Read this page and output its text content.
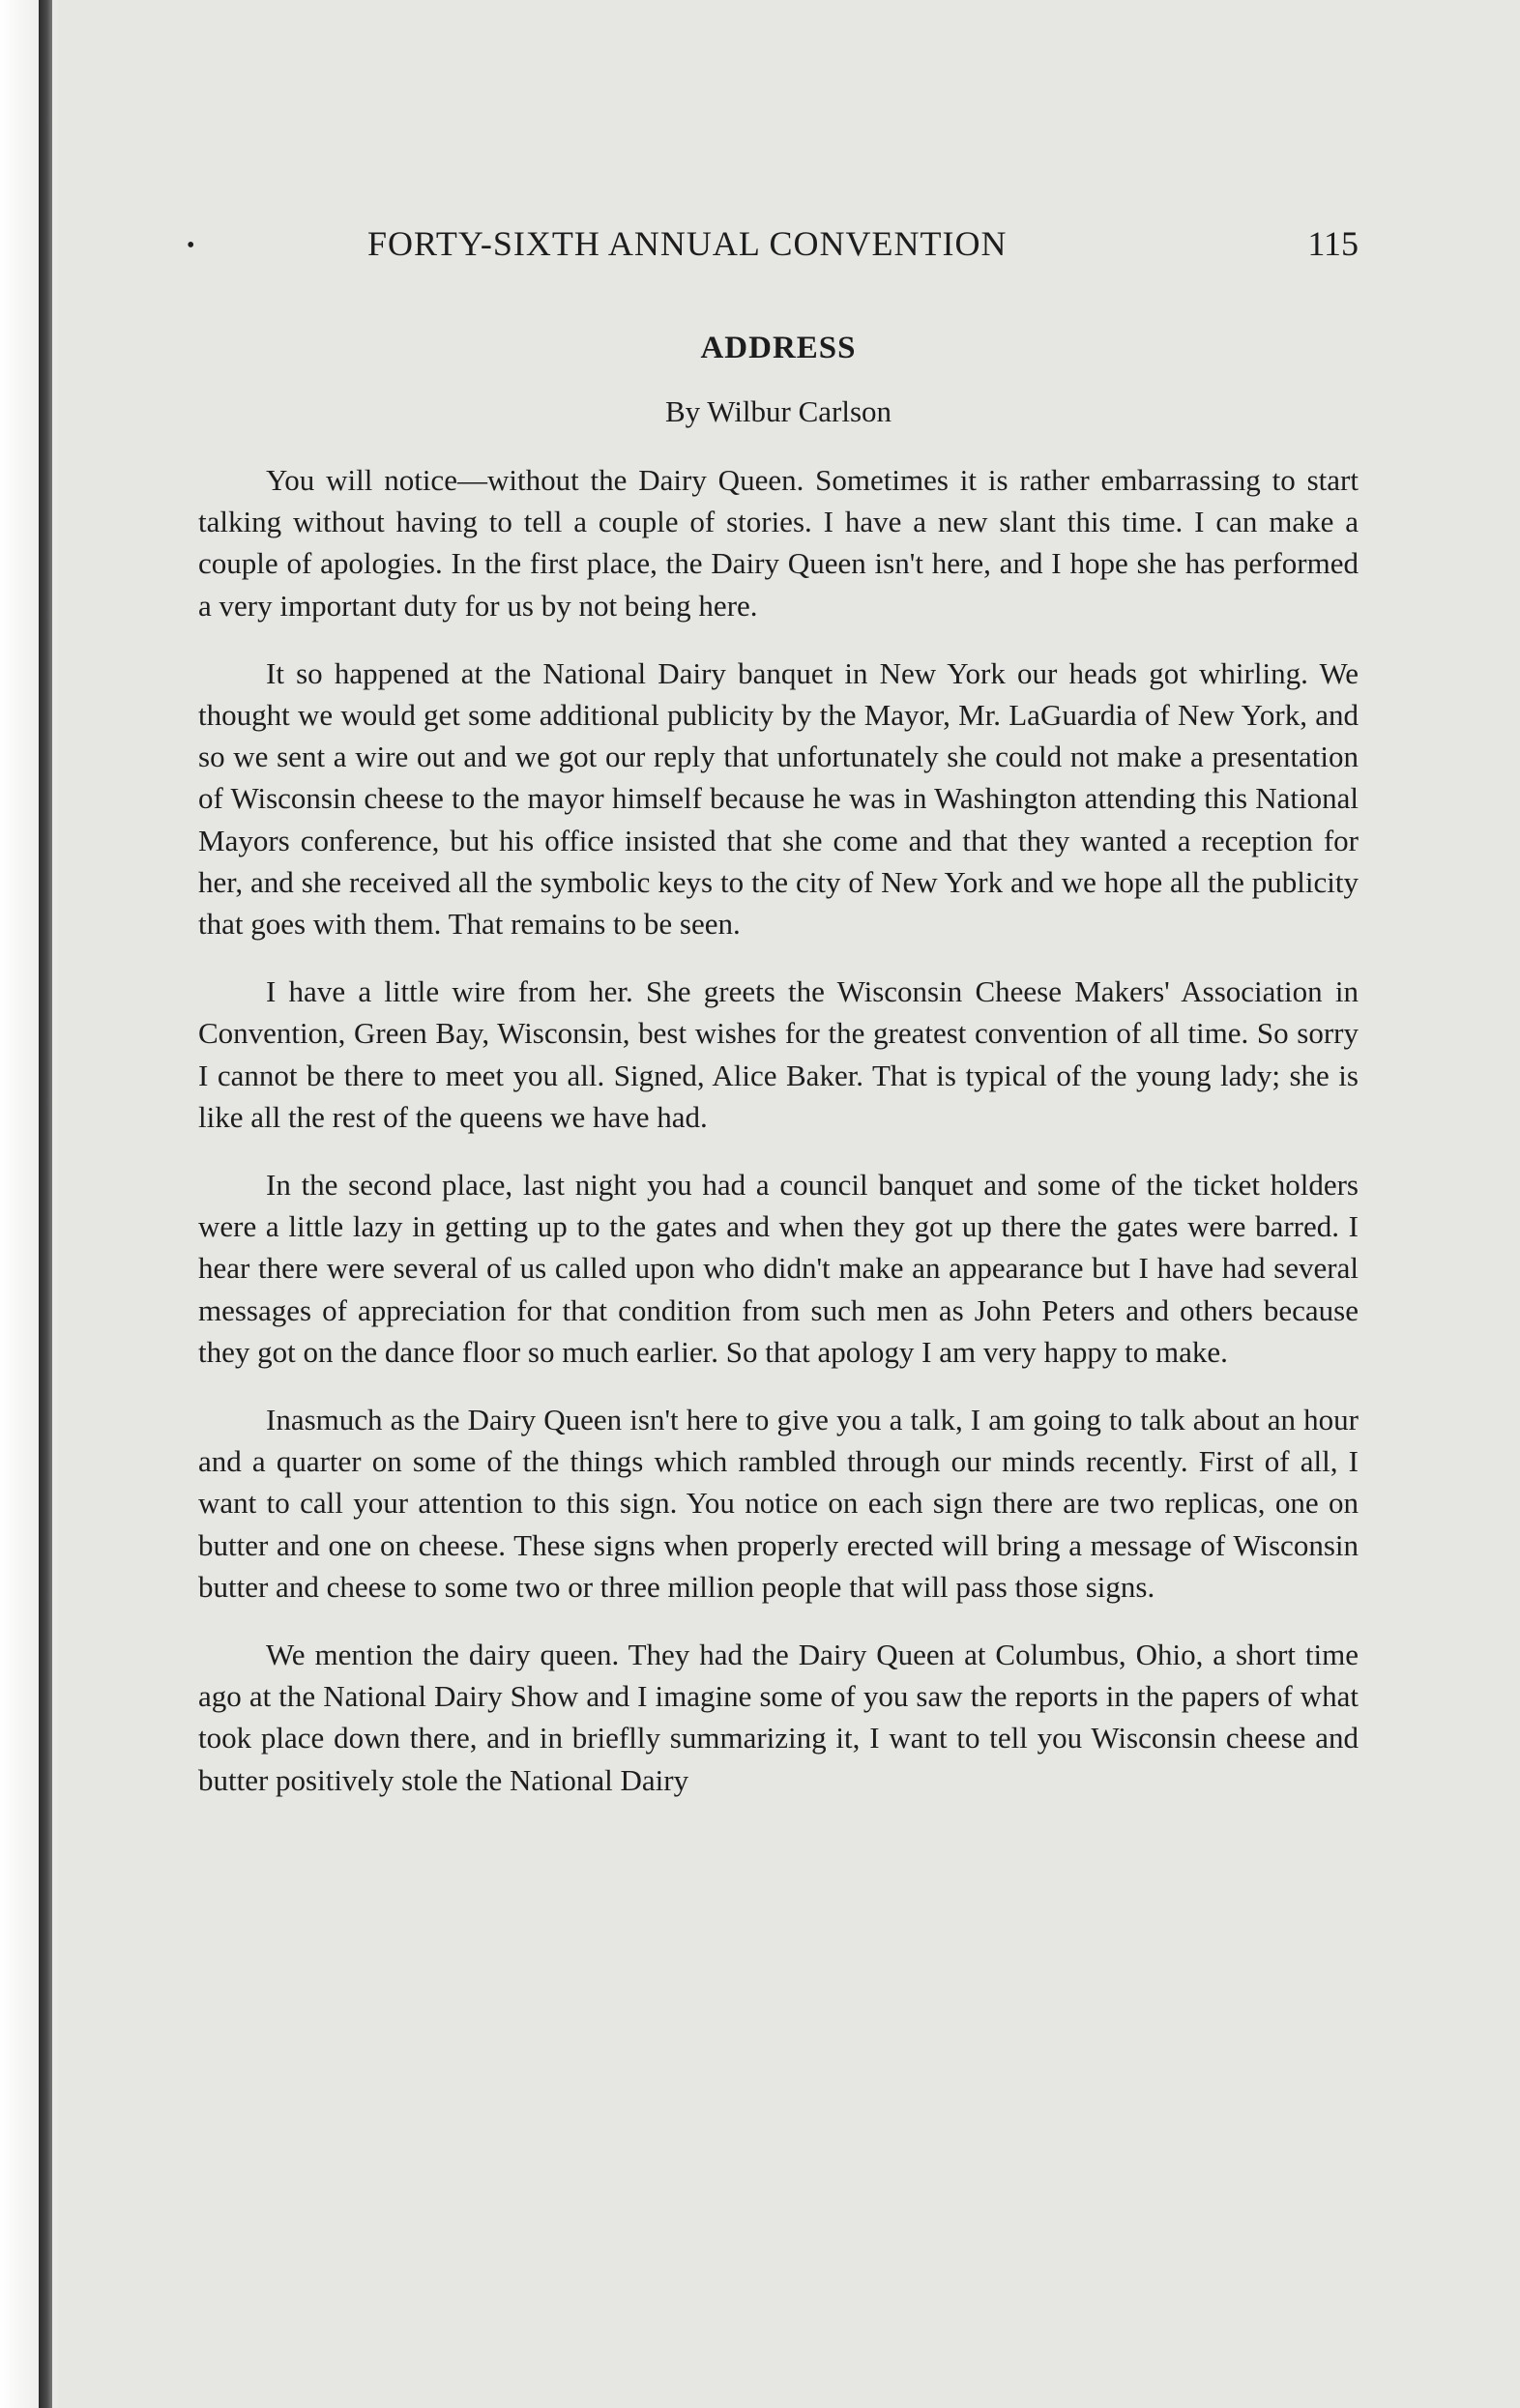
•	FORTY-SIXTH ANNUAL CONVENTION	115
ADDRESS
By Wilbur Carlson

You will notice—without the Dairy Queen. Sometimes it is rather embarrassing to start talking without having to tell a couple of stories. I have a new slant this time. I can make a couple of apologies. In the first place, the Dairy Queen isn't here, and I hope she has performed a very important duty for us by not being here.

It so happened at the National Dairy banquet in New York our heads got whirling. We thought we would get some additional publicity by the Mayor, Mr. LaGuardia of New York, and so we sent a wire out and we got our reply that unfortunately she could not make a presentation of Wisconsin cheese to the mayor himself because he was in Washington attending this National Mayors conference, but his office insisted that she come and that they wanted a reception for her, and she received all the symbolic keys to the city of New York and we hope all the publicity that goes with them. That remains to be seen.

I have a little wire from her. She greets the Wisconsin Cheese Makers' Association in Convention, Green Bay, Wisconsin, best wishes for the greatest convention of all time. So sorry I cannot be there to meet you all. Signed, Alice Baker. That is typical of the young lady; she is like all the rest of the queens we have had.

In the second place, last night you had a council banquet and some of the ticket holders were a little lazy in getting up to the gates and when they got up there the gates were barred. I hear there were several of us called upon who didn't make an appearance but I have had several messages of appreciation for that condition from such men as John Peters and others because they got on the dance floor so much earlier. So that apology I am very happy to make.

Inasmuch as the Dairy Queen isn't here to give you a talk, I am going to talk about an hour and a quarter on some of the things which rambled through our minds recently. First of all, I want to call your attention to this sign. You notice on each sign there are two replicas, one on butter and one on cheese. These signs when properly erected will bring a message of Wisconsin butter and cheese to some two or three million people that will pass those signs.

We mention the dairy queen. They had the Dairy Queen at Columbus, Ohio, a short time ago at the National Dairy Show and I imagine some of you saw the reports in the papers of what took place down there, and in brieflly summarizing it, I want to tell you Wisconsin cheese and butter positively stole the National Dairy
